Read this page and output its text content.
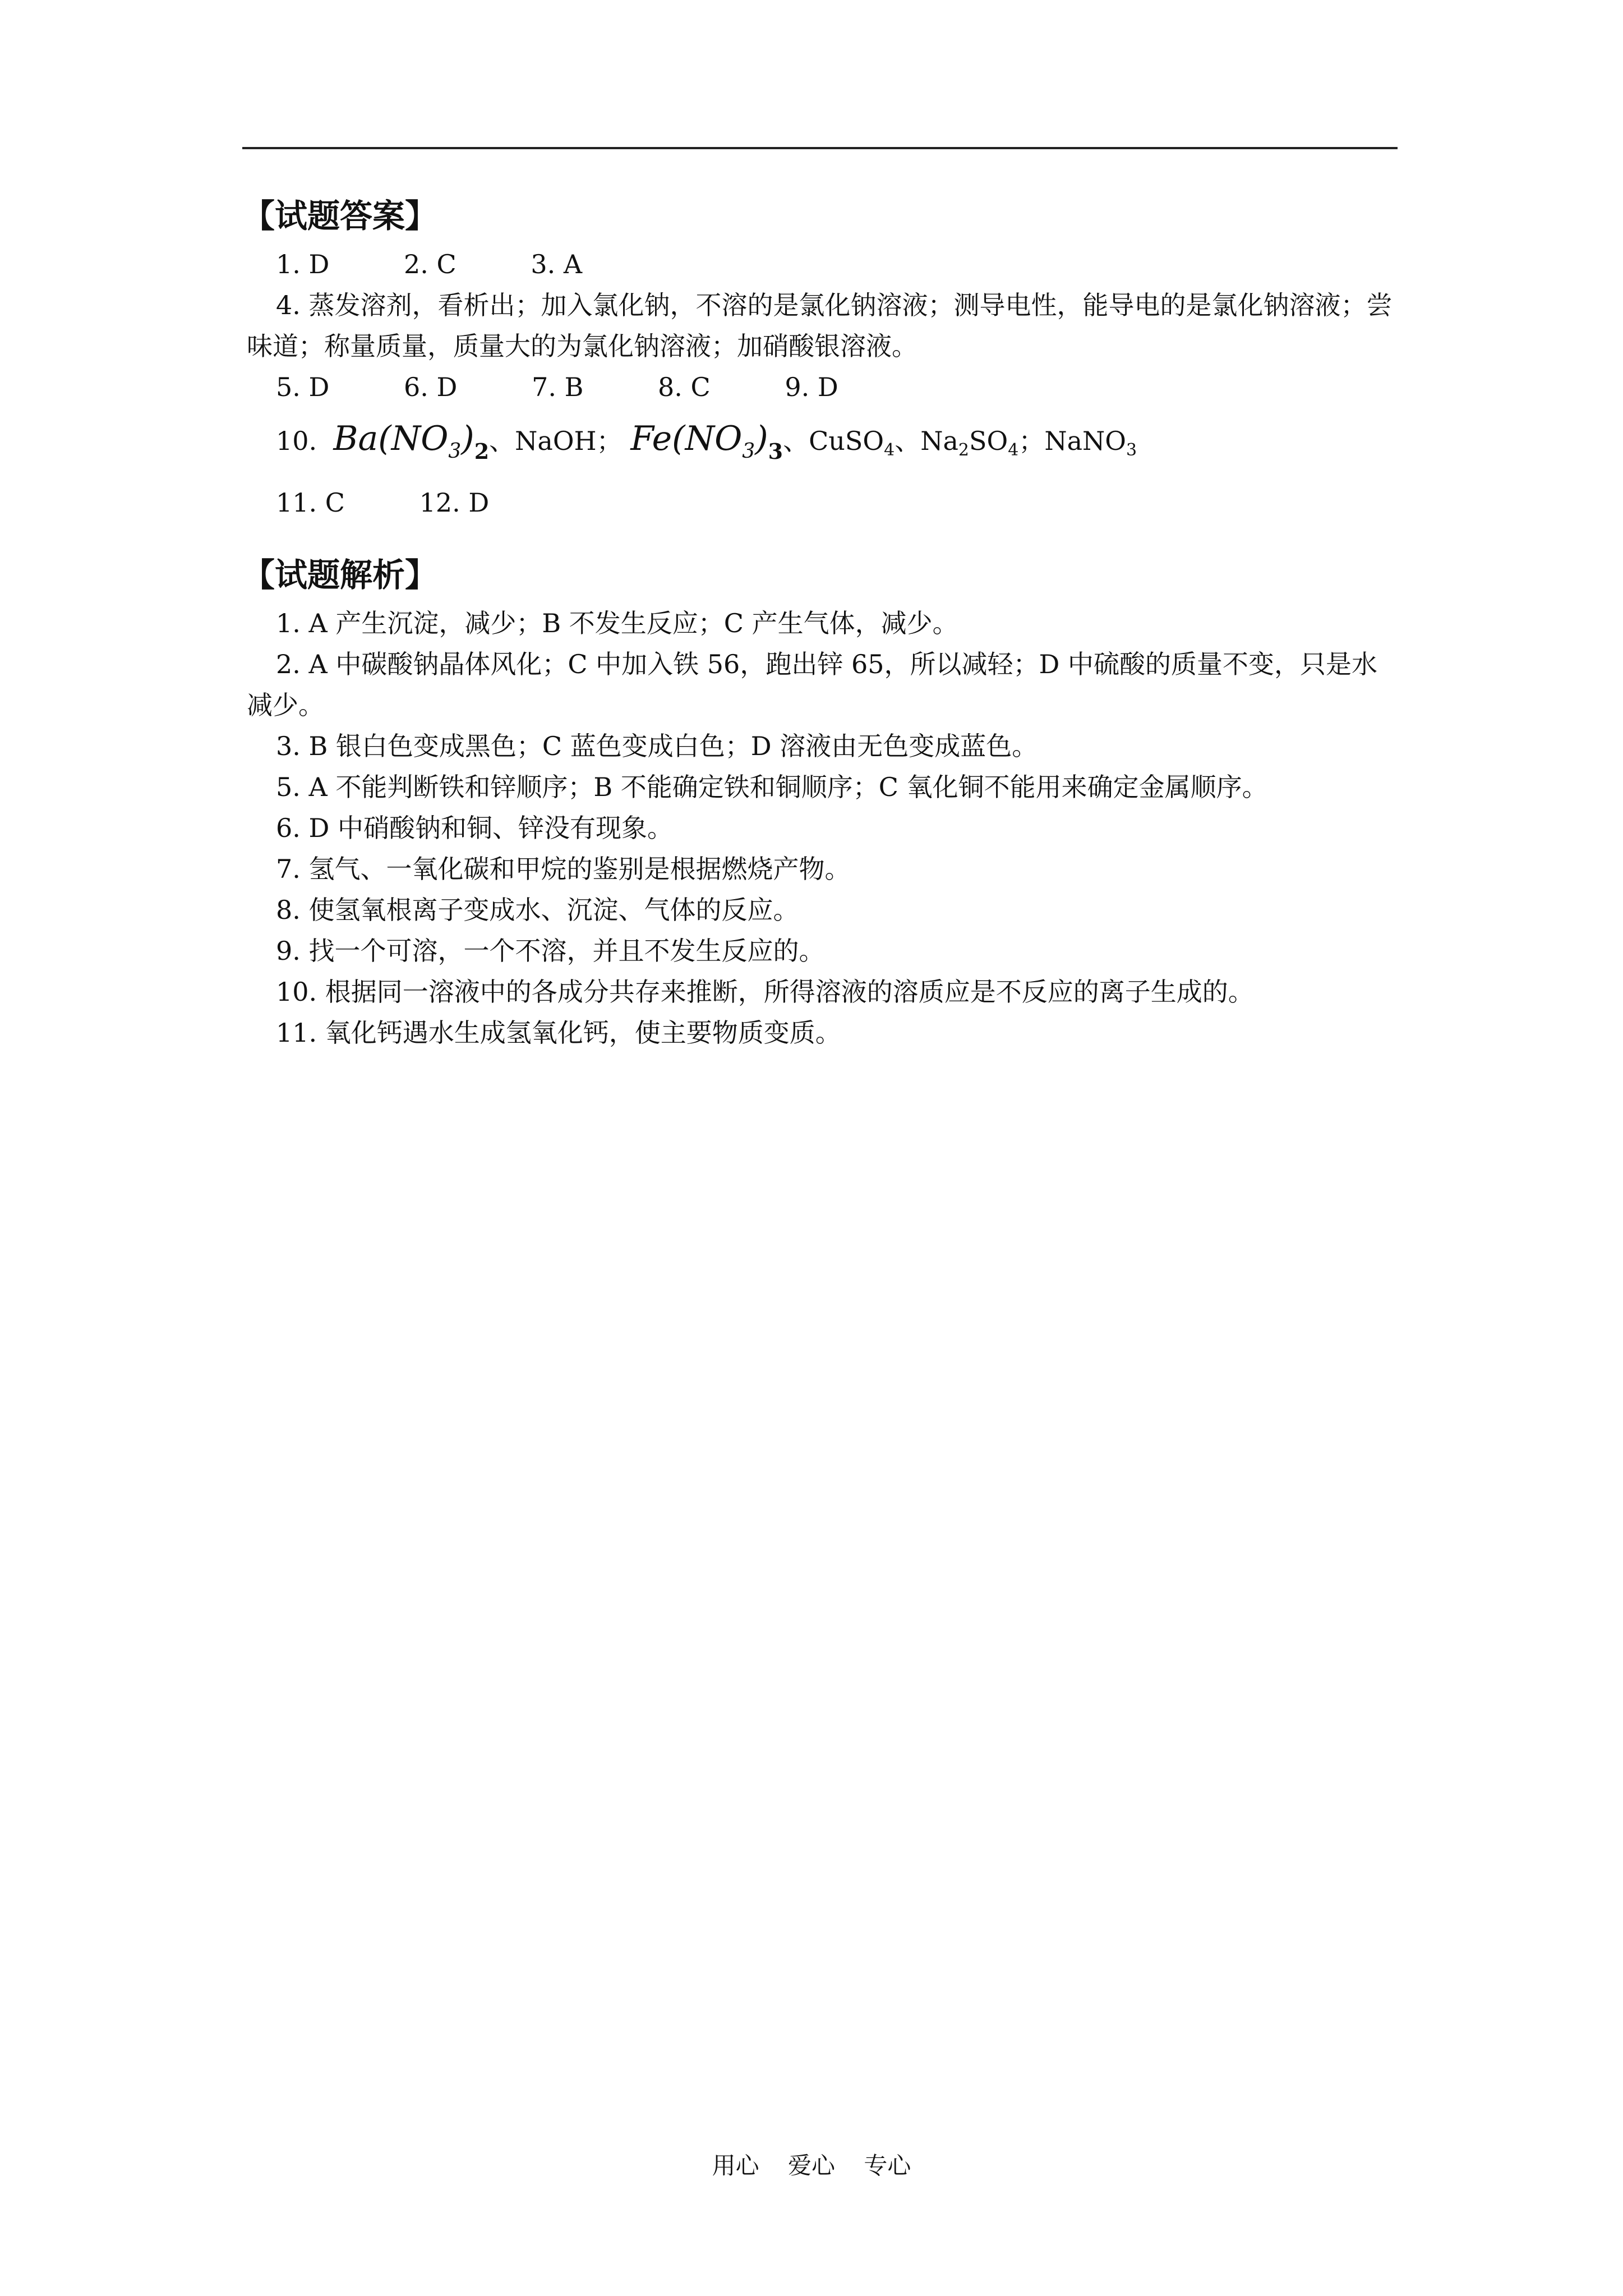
【试题答案】
1. D	2. C	3. A
4. 蒸发溶剂，看析出；加入氯化钠，不溶的是氯化钠溶液；测导电性，能导电的是氯化钠溶液；尝味道；称量质量，质量大的为氯化钠溶液；加硝酸银溶液。
5. D	6. D	7. B	8. C	9. D
10. $Ba(NO_3)_2$、NaOH； $Fe(NO_3)_3$、CuSO$_4$、$Na_2SO_4$；NaNO$_3$
11. C	12. D
【试题解析】
1. A 产生沉淀，减少；B 不发生反应；C 产生气体，减少。
2. A 中碳酸钠晶体风化；C 中加入铁 56，跑出锌 65，所以减轻；D 中硫酸的质量不变，只是水减少。
3. B 银白色变成黑色；C 蓝色变成白色；D 溶液由无色变成蓝色。
5. A 不能判断铁和锌顺序；B 不能确定铁和铜顺序；C 氧化铜不能用来确定金属顺序。
6. D 中硝酸钠和铜、锌没有现象。
7. 氢气、一氧化碳和甲烷的鉴别是根据燃烧产物。
8. 使氢氧根离子变成水、沉淀、气体的反应。
9. 找一个可溶，一个不溶，并且不发生反应的。
10. 根据同一溶液中的各成分共存来推断，所得溶液的溶质应是不反应的离子生成的。
11. 氧化钙遇水生成氢氧化钙，使主要物质变质。
用心 爱心 专心
